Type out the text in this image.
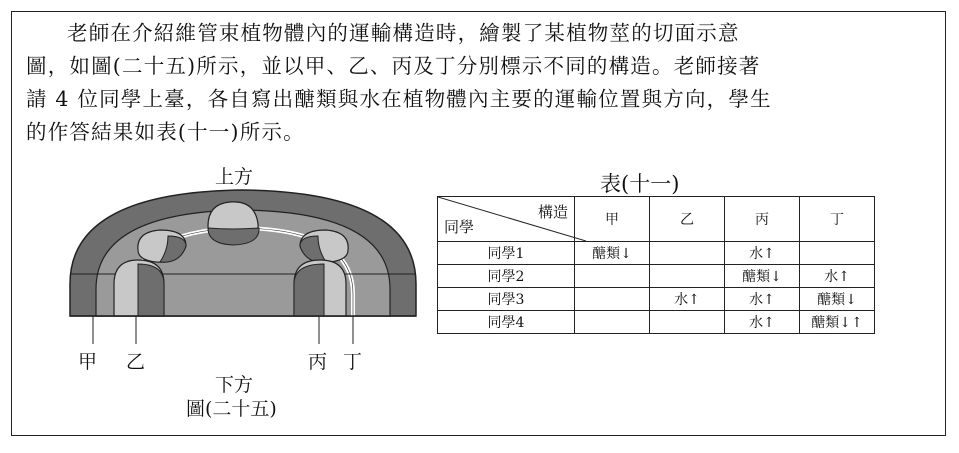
老師在介紹維管束植物體內的運輸構造時，繪製了某植物莖的切面示意
圖，如圖(二十五)所示，並以甲、乙、丙及丁分別標示不同的構造。老師接著
請 4 位同學上臺，各自寫出醣類與水在植物體內主要的運輸位置與方向，學生
的作答結果如表(十一)所示。
上方
甲 乙	丙 丁
下方
圖(二十五)
表(十一)
構造
同學	甲	乙	丙	丁
同學1	醣類↓		水↑	
同學2			醣類↓	水↑
同學3		水↑	水↑	醣類↓
同學4			水↑	醣類↓↑
